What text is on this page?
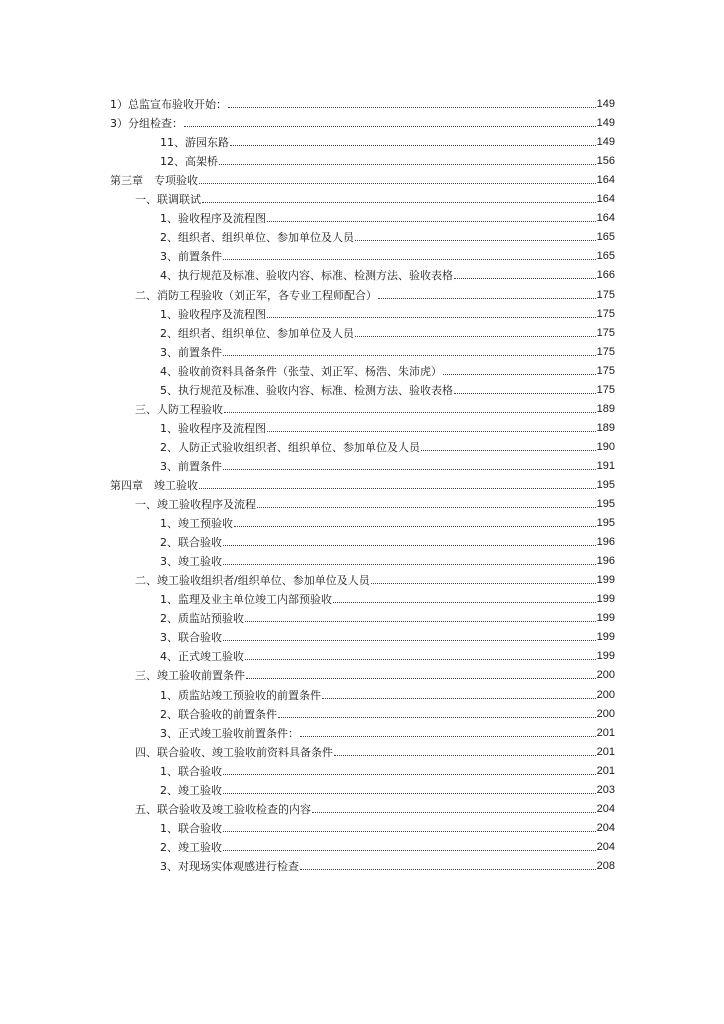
1）总监宣布验收开始：	149
3）分组检查：	149
11、游园东路	149
12、高架桥	156
第三章　专项验收	164
一、联调联试	164
1、验收程序及流程图	164
2、组织者、组织单位、参加单位及人员	165
3、前置条件	165
4、执行规范及标准、验收内容、标准、检测方法、验收表格	166
二、消防工程验收（刘正军，各专业工程师配合）	175
1、验收程序及流程图	175
2、组织者、组织单位、参加单位及人员	175
3、前置条件	175
4、验收前资料具备条件（张莹、刘正军、杨浩、朱沛虎）	175
5、执行规范及标准、验收内容、标准、检测方法、验收表格	175
三、人防工程验收	189
1、验收程序及流程图	189
2、人防正式验收组织者、组织单位、参加单位及人员	190
3、前置条件	191
第四章　竣工验收	195
一、竣工验收程序及流程	195
1、竣工预验收	195
2、联合验收	196
3、竣工验收	196
二、竣工验收组织者/组织单位、参加单位及人员	199
1、监理及业主单位竣工内部预验收	199
2、质监站预验收	199
3、联合验收	199
4、正式竣工验收	199
三、竣工验收前置条件	200
1、质监站竣工预验收的前置条件	200
2、联合验收的前置条件	200
3、正式竣工验收前置条件：	201
四、联合验收、竣工验收前资料具备条件	201
1、联合验收	201
2、竣工验收	203
五、联合验收及竣工验收检查的内容	204
1、联合验收	204
2、竣工验收	204
3、对现场实体观感进行检查	208
